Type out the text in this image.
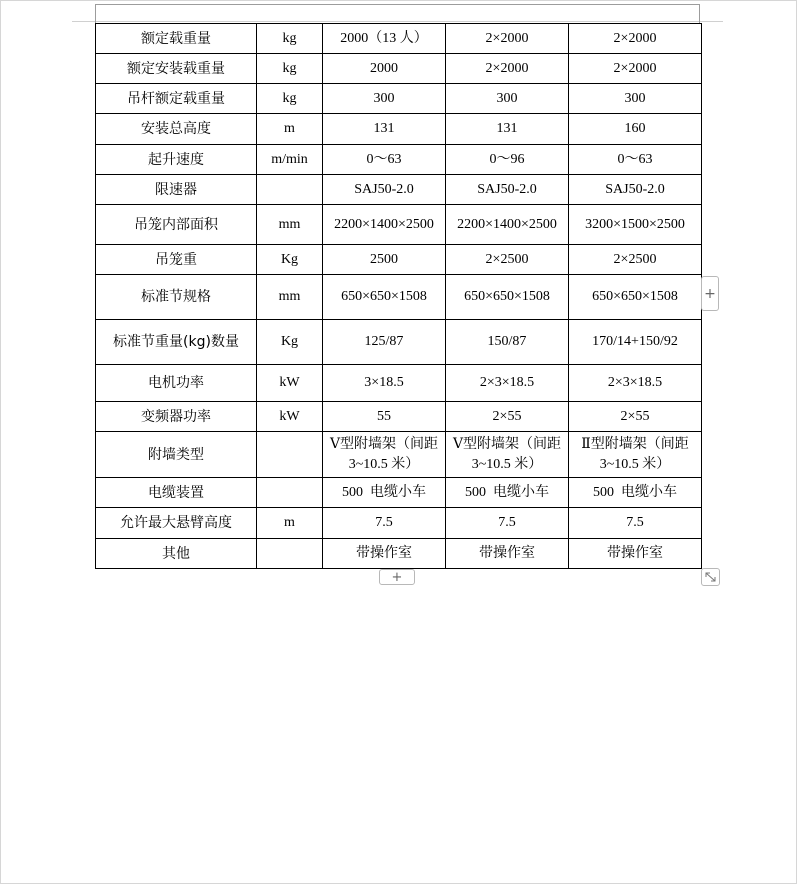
额定载重量	kg	2000（13 人）	2×2000	2×2000
额定安装载重量	kg	2000	2×2000	2×2000
吊杆额定载重量	kg	300	300	300
安装总高度	m	131	131	160
起升速度	m/min	0～63	0～96	0～63
限速器		SAJ50-2.0	SAJ50-2.0	SAJ50-2.0
吊笼内部面积	mm	2200×1400×2500	2200×1400×2500	3200×1500×2500
吊笼重	Kg	2500	2×2500	2×2500
标准节规格	mm	650×650×1508	650×650×1508	650×650×1508
标准节重量(kg)数量	Kg	125/87	150/87	170/14+150/92
电机功率	kW	3×18.5	2×3×18.5	2×3×18.5
变频器功率	kW	55	2×55	2×55
附墙类型		Ⅴ型附墙架（间距3~10.5 米）	Ⅴ型附墙架（间距3~10.5 米）	Ⅱ型附墙架（间距3~10.5 米）
电缆装置		500  电缆小车	500  电缆小车	500  电缆小车
允许最大悬臂高度	m	7.5	7.5	7.5
其他		带操作室	带操作室	带操作室
+
+
